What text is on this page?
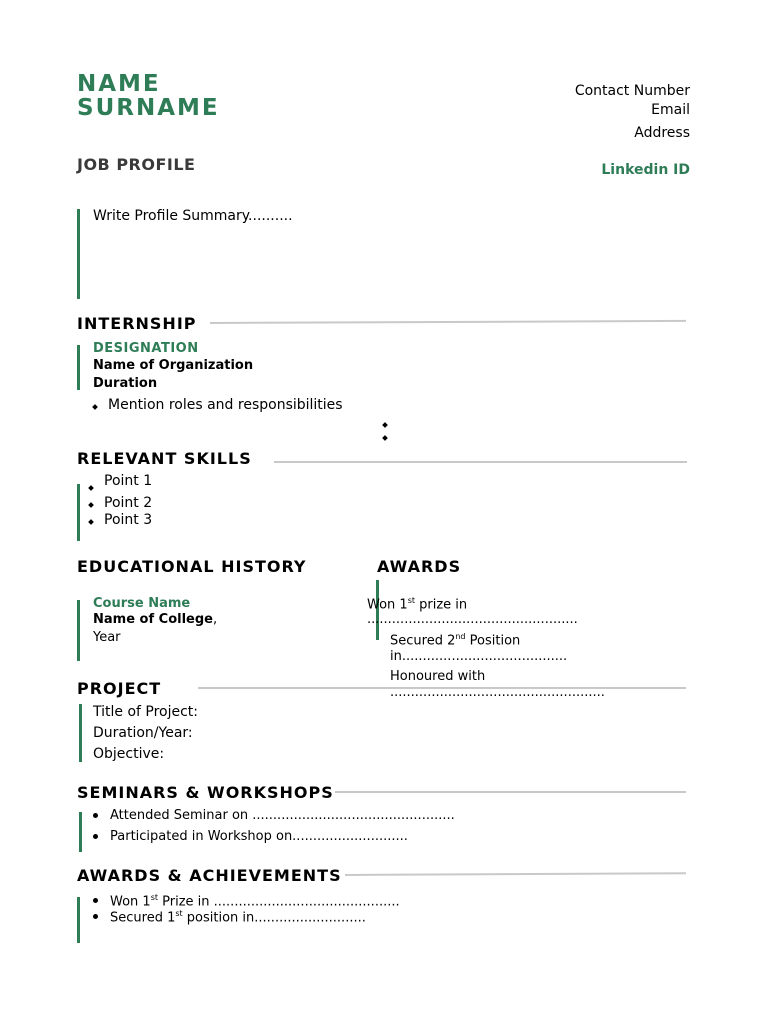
NAME
SURNAME
JOB PROFILE
Contact Number
Email
Address
Linkedin ID
Write Profile Summary..........
INTERNSHIP
DESIGNATION
Name of Organization
Duration
Mention roles and responsibilities
RELEVANT SKILLS
Point 1
Point 2
Point 3
EDUCATIONAL HISTORY
Course Name
Name of College,
Year
AWARDS
Won 1st prize in
...................................................
Secured 2nd Position
in........................................
Honoured with
....................................................
PROJECT
Title of Project:
Duration/Year:
Objective:
SEMINARS & WORKSHOPS
Attended Seminar on .................................................
Participated in Workshop on............................
AWARDS & ACHIEVEMENTS
Won 1st Prize in .............................................
Secured 1st position in...........................
